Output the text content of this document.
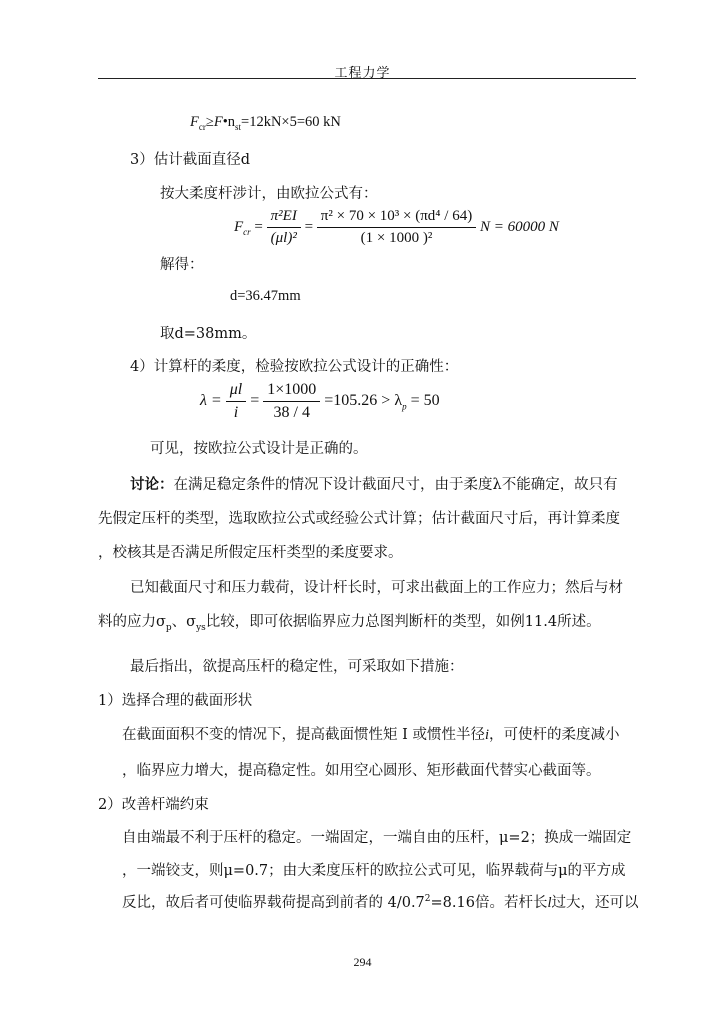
工程力学
$F_{cr}\ge F•n_{st}=12kN\times 5=60$ kN
3）估计截面直径d
按大柔度杆涉计，由欧拉公式有：
$F_{cr} = \frac{\text{π²EI}}{\text{(μl)²}} = \frac{\text{π² × 70 × 10³ × (πd⁴ / 64)}}{\text{(1 × 1000 )²}}$ N = 60000 N
解得：
d=36.47mm
取d=38mm。
4）计算杆的柔度，检验按欧拉公式设计的正确性：
$\lambda = \frac{\mu l}{i} = \frac{1\times 1000}{38 / 4} =105.26 > \lambda_p = 50$
可见，按欧拉公式设计是正确的。
讨论：在满足稳定条件的情况下设计截面尺寸，由于柔度λ不能确定，故只有
先假定压杆的类型，选取欧拉公式或经验公式计算；估计截面尺寸后，再计算柔度
，校核其是否满足所假定压杆类型的柔度要求。
已知截面尺寸和压力载荷，设计杆长时，可求出截面上的工作应力；然后与材
料的应力$\sigma_p$、$\sigma_{ys}$比较，即可依据临界应力总图判断杆的类型，如例11.4所述。
最后指出，欲提高压杆的稳定性，可采取如下措施：
1）选择合理的截面形状
在截面面积不变的情况下，提高截面惯性矩 I 或惯性半径i，可使杆的柔度减小
，临界应力增大，提高稳定性。如用空心圆形、矩形截面代替实心截面等。
2）改善杆端约束
自由端最不利于压杆的稳定。一端固定，一端自由的压杆，μ=2；换成一端固定
，一端铰支，则μ=0.7；由大柔度压杆的欧拉公式可见，临界载荷与μ的平方成
反比，故后者可使临界载荷提高到前者的 $4/0.7^2=8.16$倍。若杆长l过大，还可以
294
